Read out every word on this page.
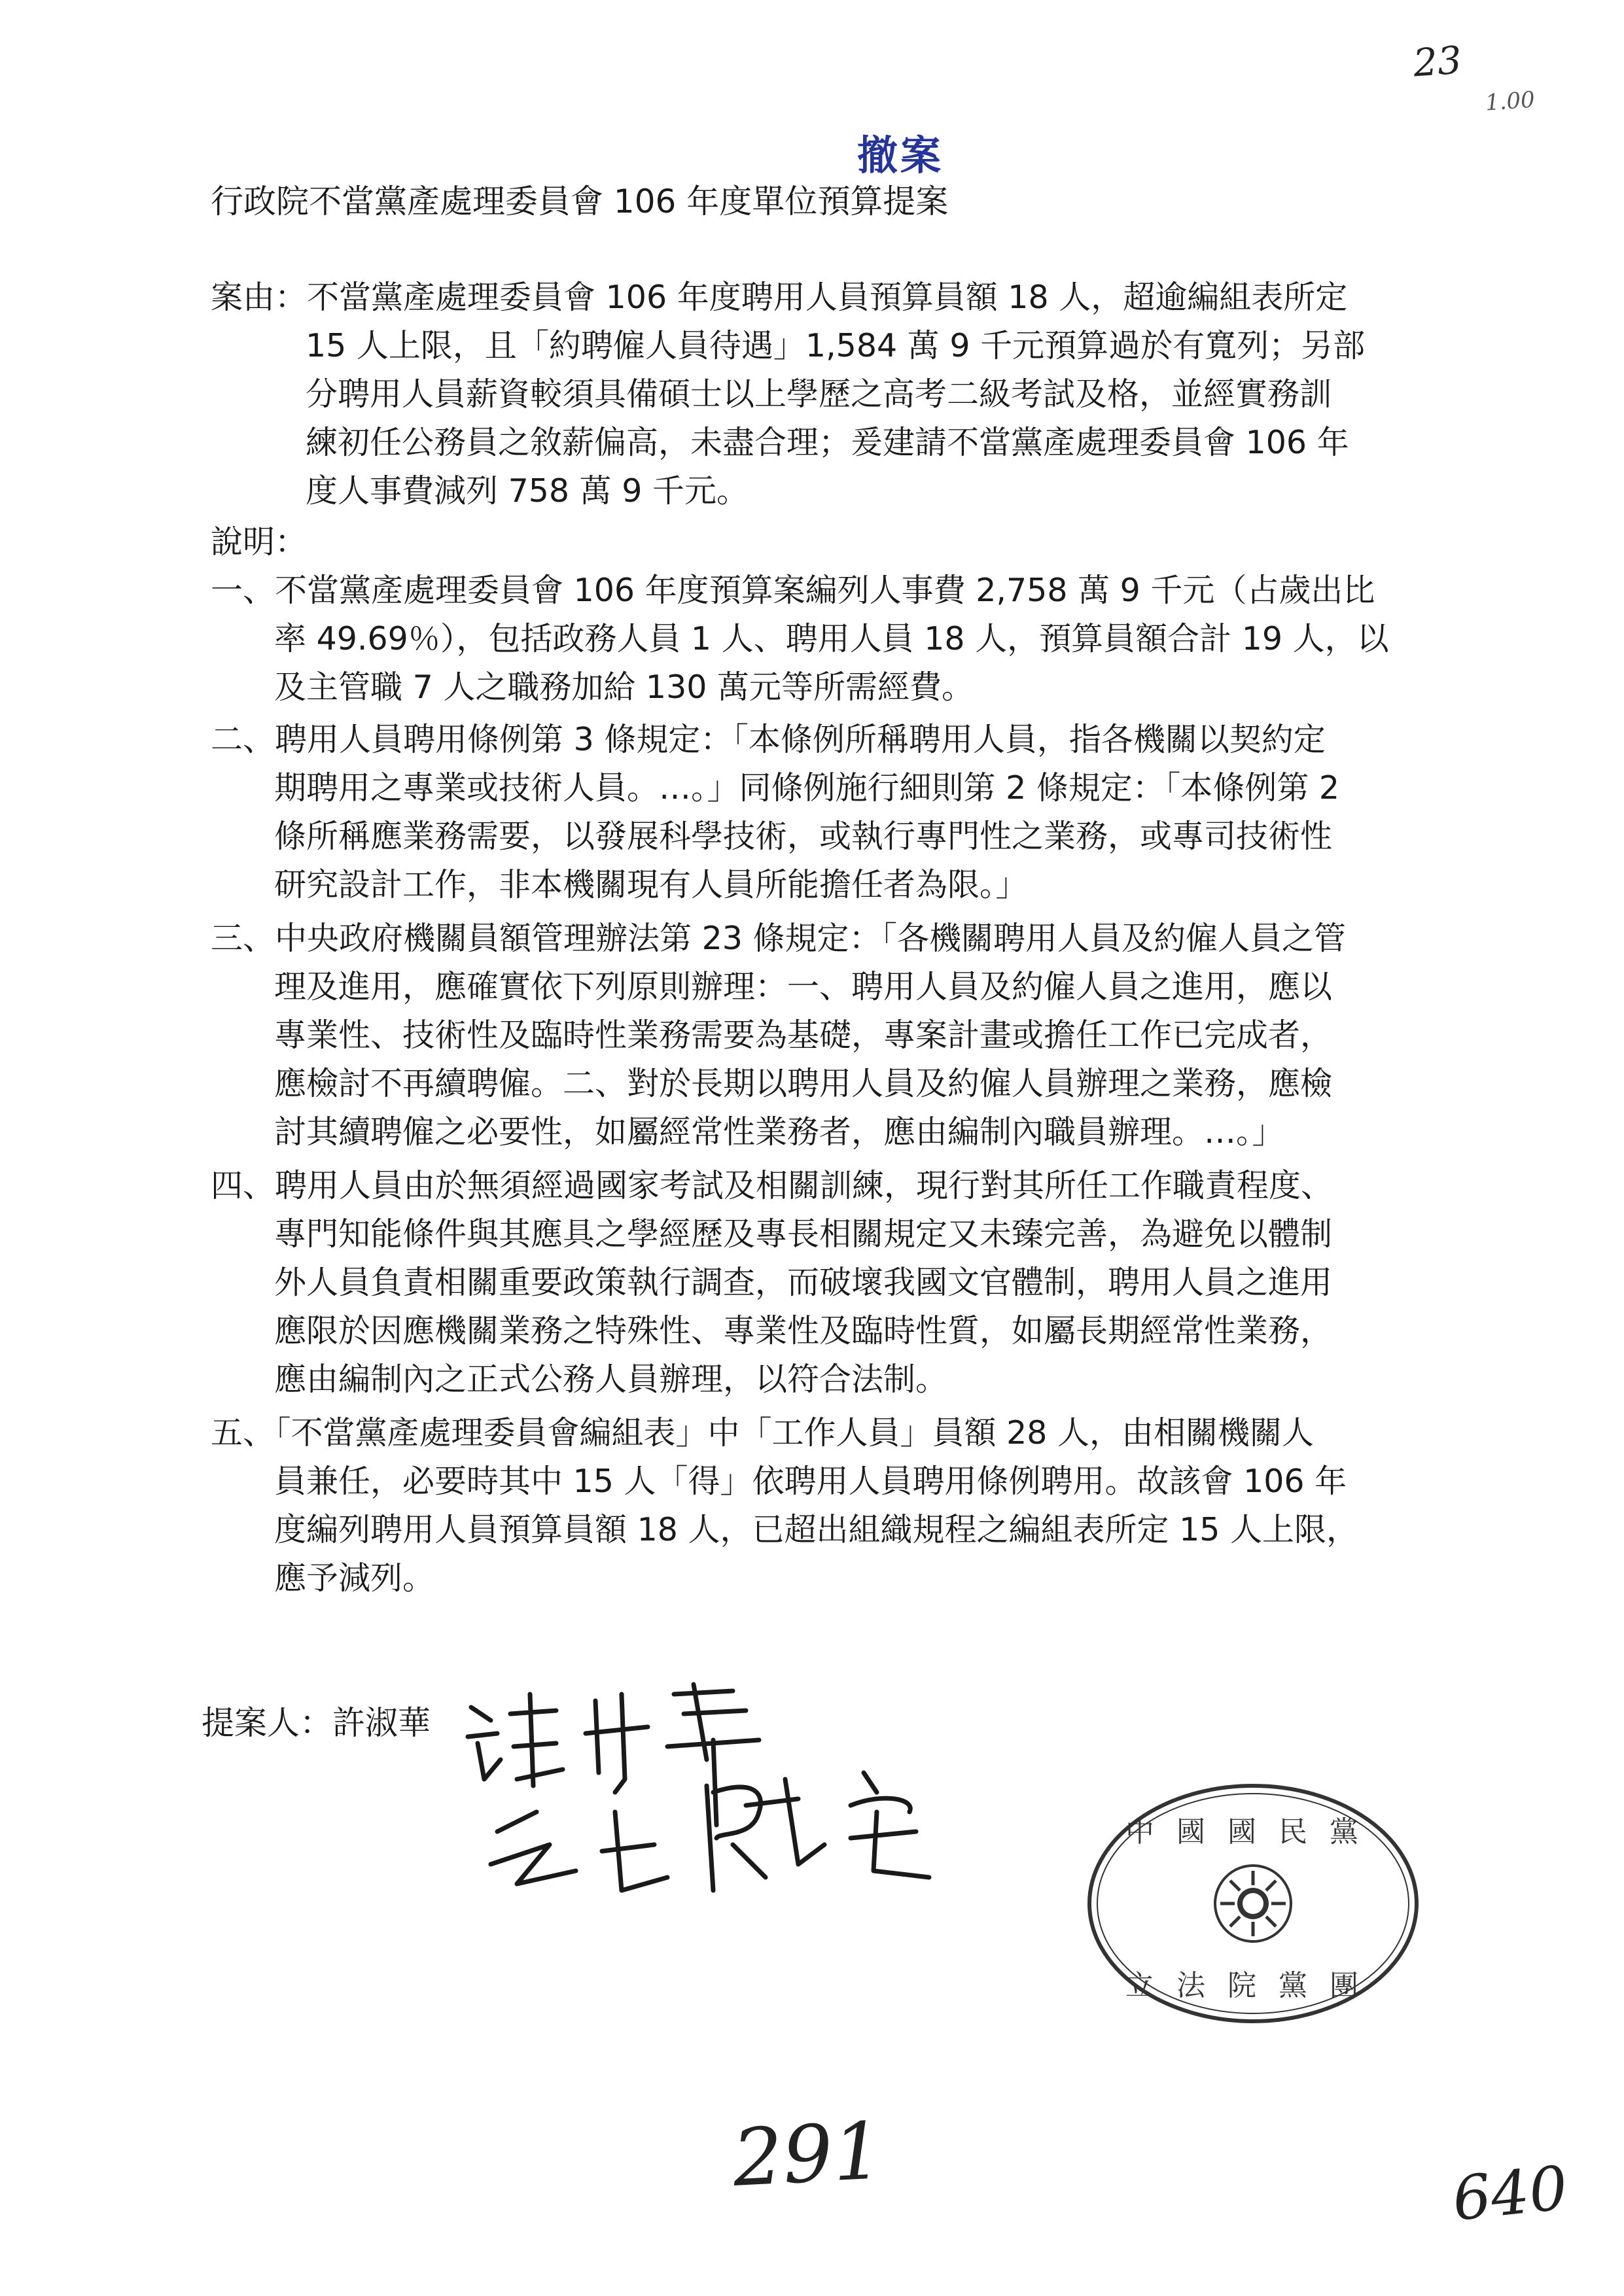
23
1.00
撤案
行政院不當黨產處理委員會 106 年度單位預算提案
案由：不當黨產處理委員會 106 年度聘用人員預算員額 18 人，超逾編組表所定
15 人上限，且「約聘僱人員待遇」1,584 萬 9 千元預算過於有寬列；另部
分聘用人員薪資較須具備碩士以上學歷之高考二級考試及格，並經實務訓
練初任公務員之敘薪偏高，未盡合理；爰建請不當黨產處理委員會 106 年
度人事費減列 758 萬 9 千元。
說明：
一、不當黨產處理委員會 106 年度預算案編列人事費 2,758 萬 9 千元（占歲出比
率 49.69％），包括政務人員 1 人、聘用人員 18 人，預算員額合計 19 人，以
及主管職 7 人之職務加給 130 萬元等所需經費。
二、聘用人員聘用條例第 3 條規定：「本條例所稱聘用人員，指各機關以契約定
期聘用之專業或技術人員。…。」同條例施行細則第 2 條規定：「本條例第 2
條所稱應業務需要，以發展科學技術，或執行專門性之業務，或專司技術性
研究設計工作，非本機關現有人員所能擔任者為限。」
三、中央政府機關員額管理辦法第 23 條規定：「各機關聘用人員及約僱人員之管
理及進用，應確實依下列原則辦理：一、聘用人員及約僱人員之進用，應以
專業性、技術性及臨時性業務需要為基礎，專案計畫或擔任工作已完成者，
應檢討不再續聘僱。二、對於長期以聘用人員及約僱人員辦理之業務，應檢
討其續聘僱之必要性，如屬經常性業務者，應由編制內職員辦理。…。」
四、聘用人員由於無須經過國家考試及相關訓練，現行對其所任工作職責程度、
專門知能條件與其應具之學經歷及專長相關規定又未臻完善，為避免以體制
外人員負責相關重要政策執行調查，而破壞我國文官體制，聘用人員之進用
應限於因應機關業務之特殊性、專業性及臨時性質，如屬長期經常性業務，
應由編制內之正式公務人員辦理，以符合法制。
五、「不當黨產處理委員會編組表」中「工作人員」員額 28 人，由相關機關人
員兼任，必要時其中 15 人「得」依聘用人員聘用條例聘用。故該會 106 年
度編列聘用人員預算員額 18 人，已超出組織規程之編組表所定 15 人上限，
應予減列。
提案人：許淑華
中國國民黨
立法院黨團
291	640
